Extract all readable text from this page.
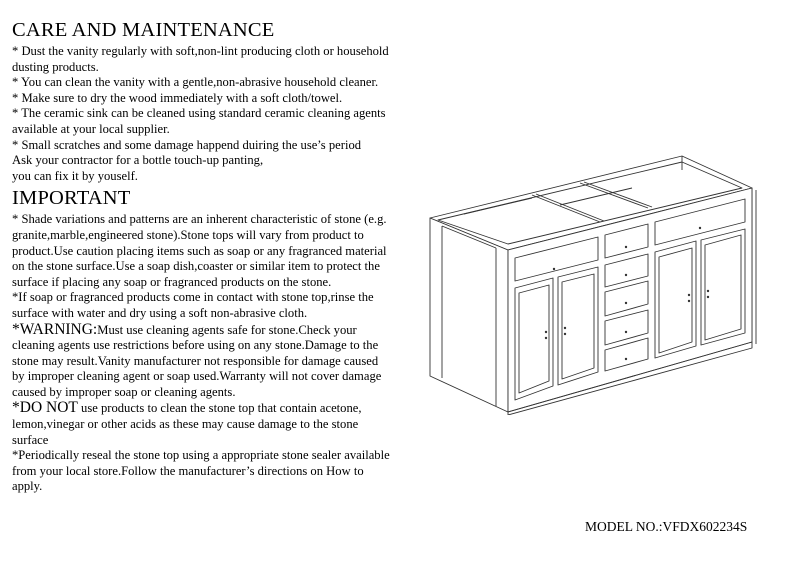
CARE AND MAINTENANCE

* Dust the vanity regularly with soft,non-lint producing cloth or household dusting products.

* You can clean the vanity with a gentle,non-abrasive household cleaner.

* Make sure to dry the wood immediately with a soft cloth/towel.

* The ceramic sink can be cleaned using standard ceramic cleaning agents available at your local supplier.

* Small scratches and some damage happend duiring the use’s period

Ask your contractor for a bottle touch-up panting,

you can fix it by youself.

IMPORTANT

* Shade variations and patterns are an inherent characteristic of stone (e.g. granite,marble,engineered stone).Stone tops will vary from product to product.Use caution placing items such as soap or any fragranced material on the stone surface.Use a soap dish,coaster or similar item to protect the surface if placing any soap or fragranced products on the stone.

*If soap or fragranced products come in contact with stone top,rinse the surface with water and dry using a soft non-abrasive cloth.

*WARNING:Must use cleaning agents safe for stone.Check your cleaning agents use restrictions before using on any stone.Damage to the stone may result.Vanity manufacturer not responsible for damage caused by improper cleaning agent or soap used.Warranty will not cover damage caused by improper soap or cleaning agents.

*DO NOT use products to clean the stone top that contain acetone, lemon,vinegar or other acids as these may cause damage to the stone surface

*Periodically reseal the stone top using a appropriate stone sealer available from your local store.Follow the manufacturer’s directions on How to apply.

MODEL NO.:VFDX602234S
